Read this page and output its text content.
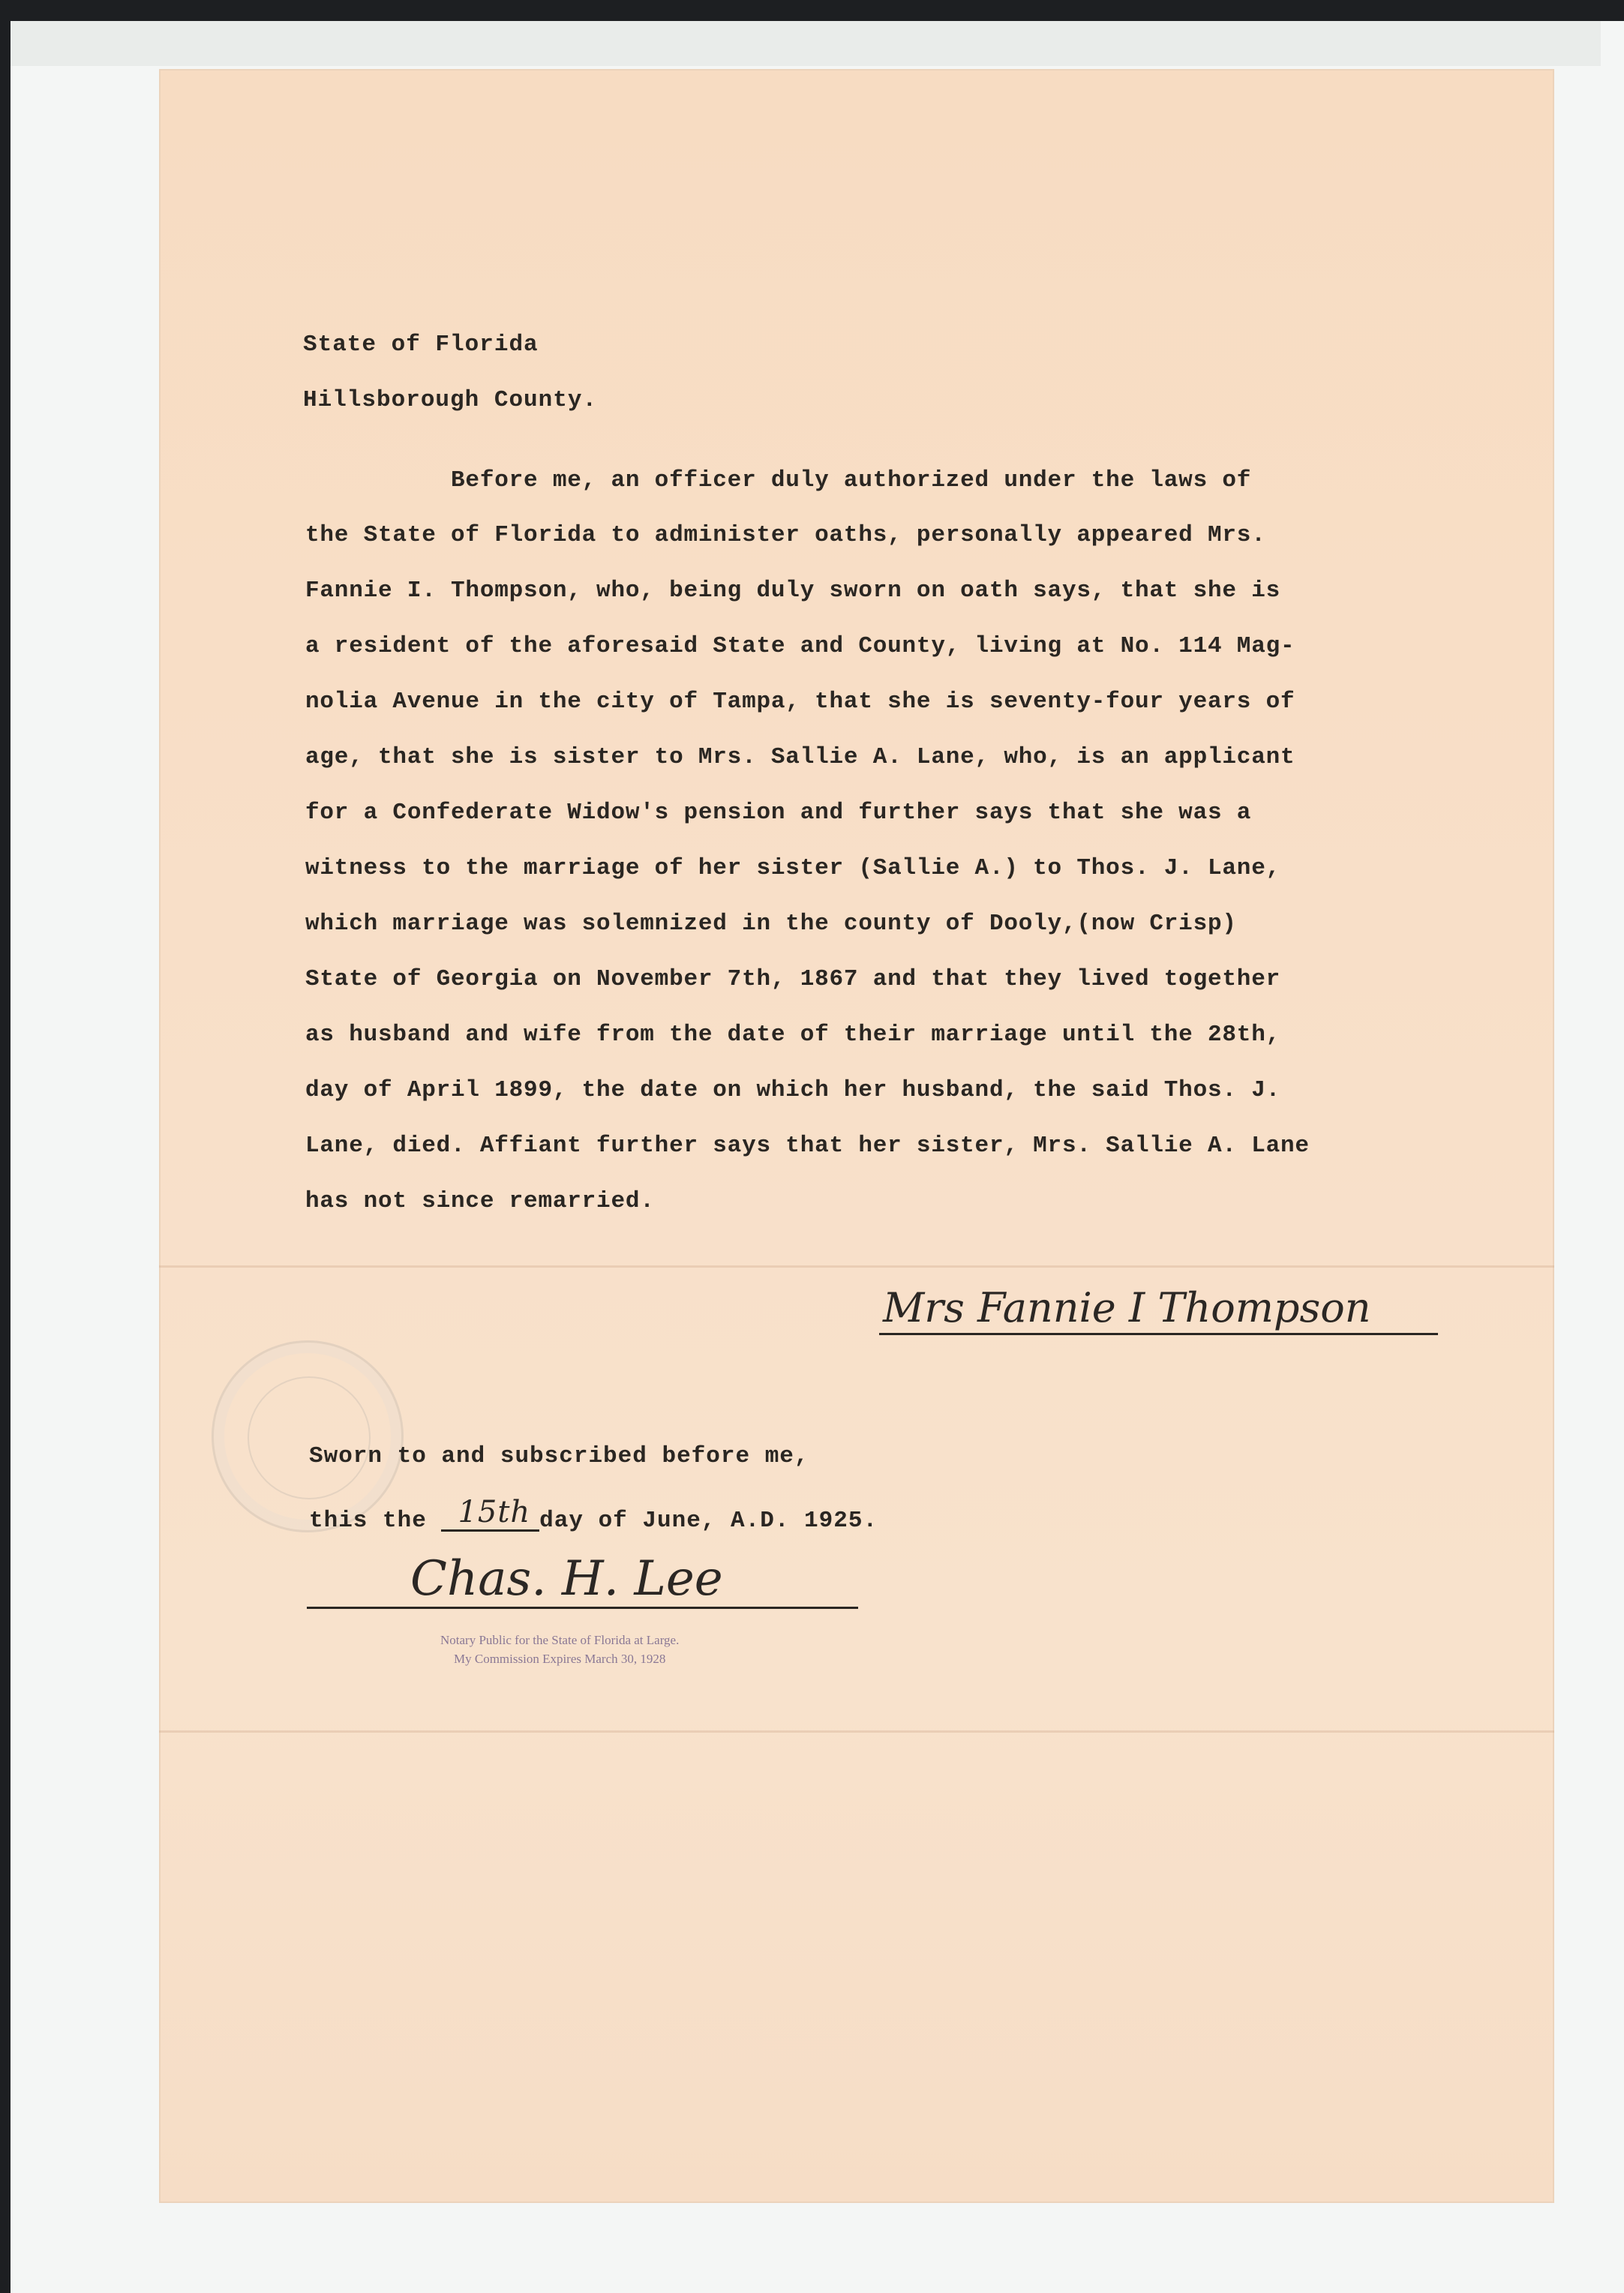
State of Florida
Hillsborough County.
Before me, an officer duly authorized under the laws of
the State of Florida to administer oaths, personally appeared Mrs.
Fannie I. Thompson, who, being duly sworn on oath says, that she is
a resident of the aforesaid State and County, living at No. 114 Mag-
nolia Avenue in the city of Tampa, that she is seventy-four years of
age, that she is sister to Mrs. Sallie A. Lane, who, is an applicant
for a Confederate Widow's pension and further says that she was a
witness to the marriage of her sister (Sallie A.) to Thos. J. Lane,
which marriage was solemnized in the county of Dooly,(now Crisp)
State of Georgia on November 7th, 1867 and that they lived together
as husband and wife from the date of their marriage until the 28th,
day of April 1899, the date on which her husband, the said Thos. J.
Lane, died. Affiant further says that her sister, Mrs. Sallie A. Lane
has not since remarried.
Mrs Fannie I Thompson
Sworn to and subscribed before me,
this the 15th day of June, A.D. 1925.
Chas. H. Lee
Notary Public for the State of Florida at Large.
My Commission Expires March 30, 1928
